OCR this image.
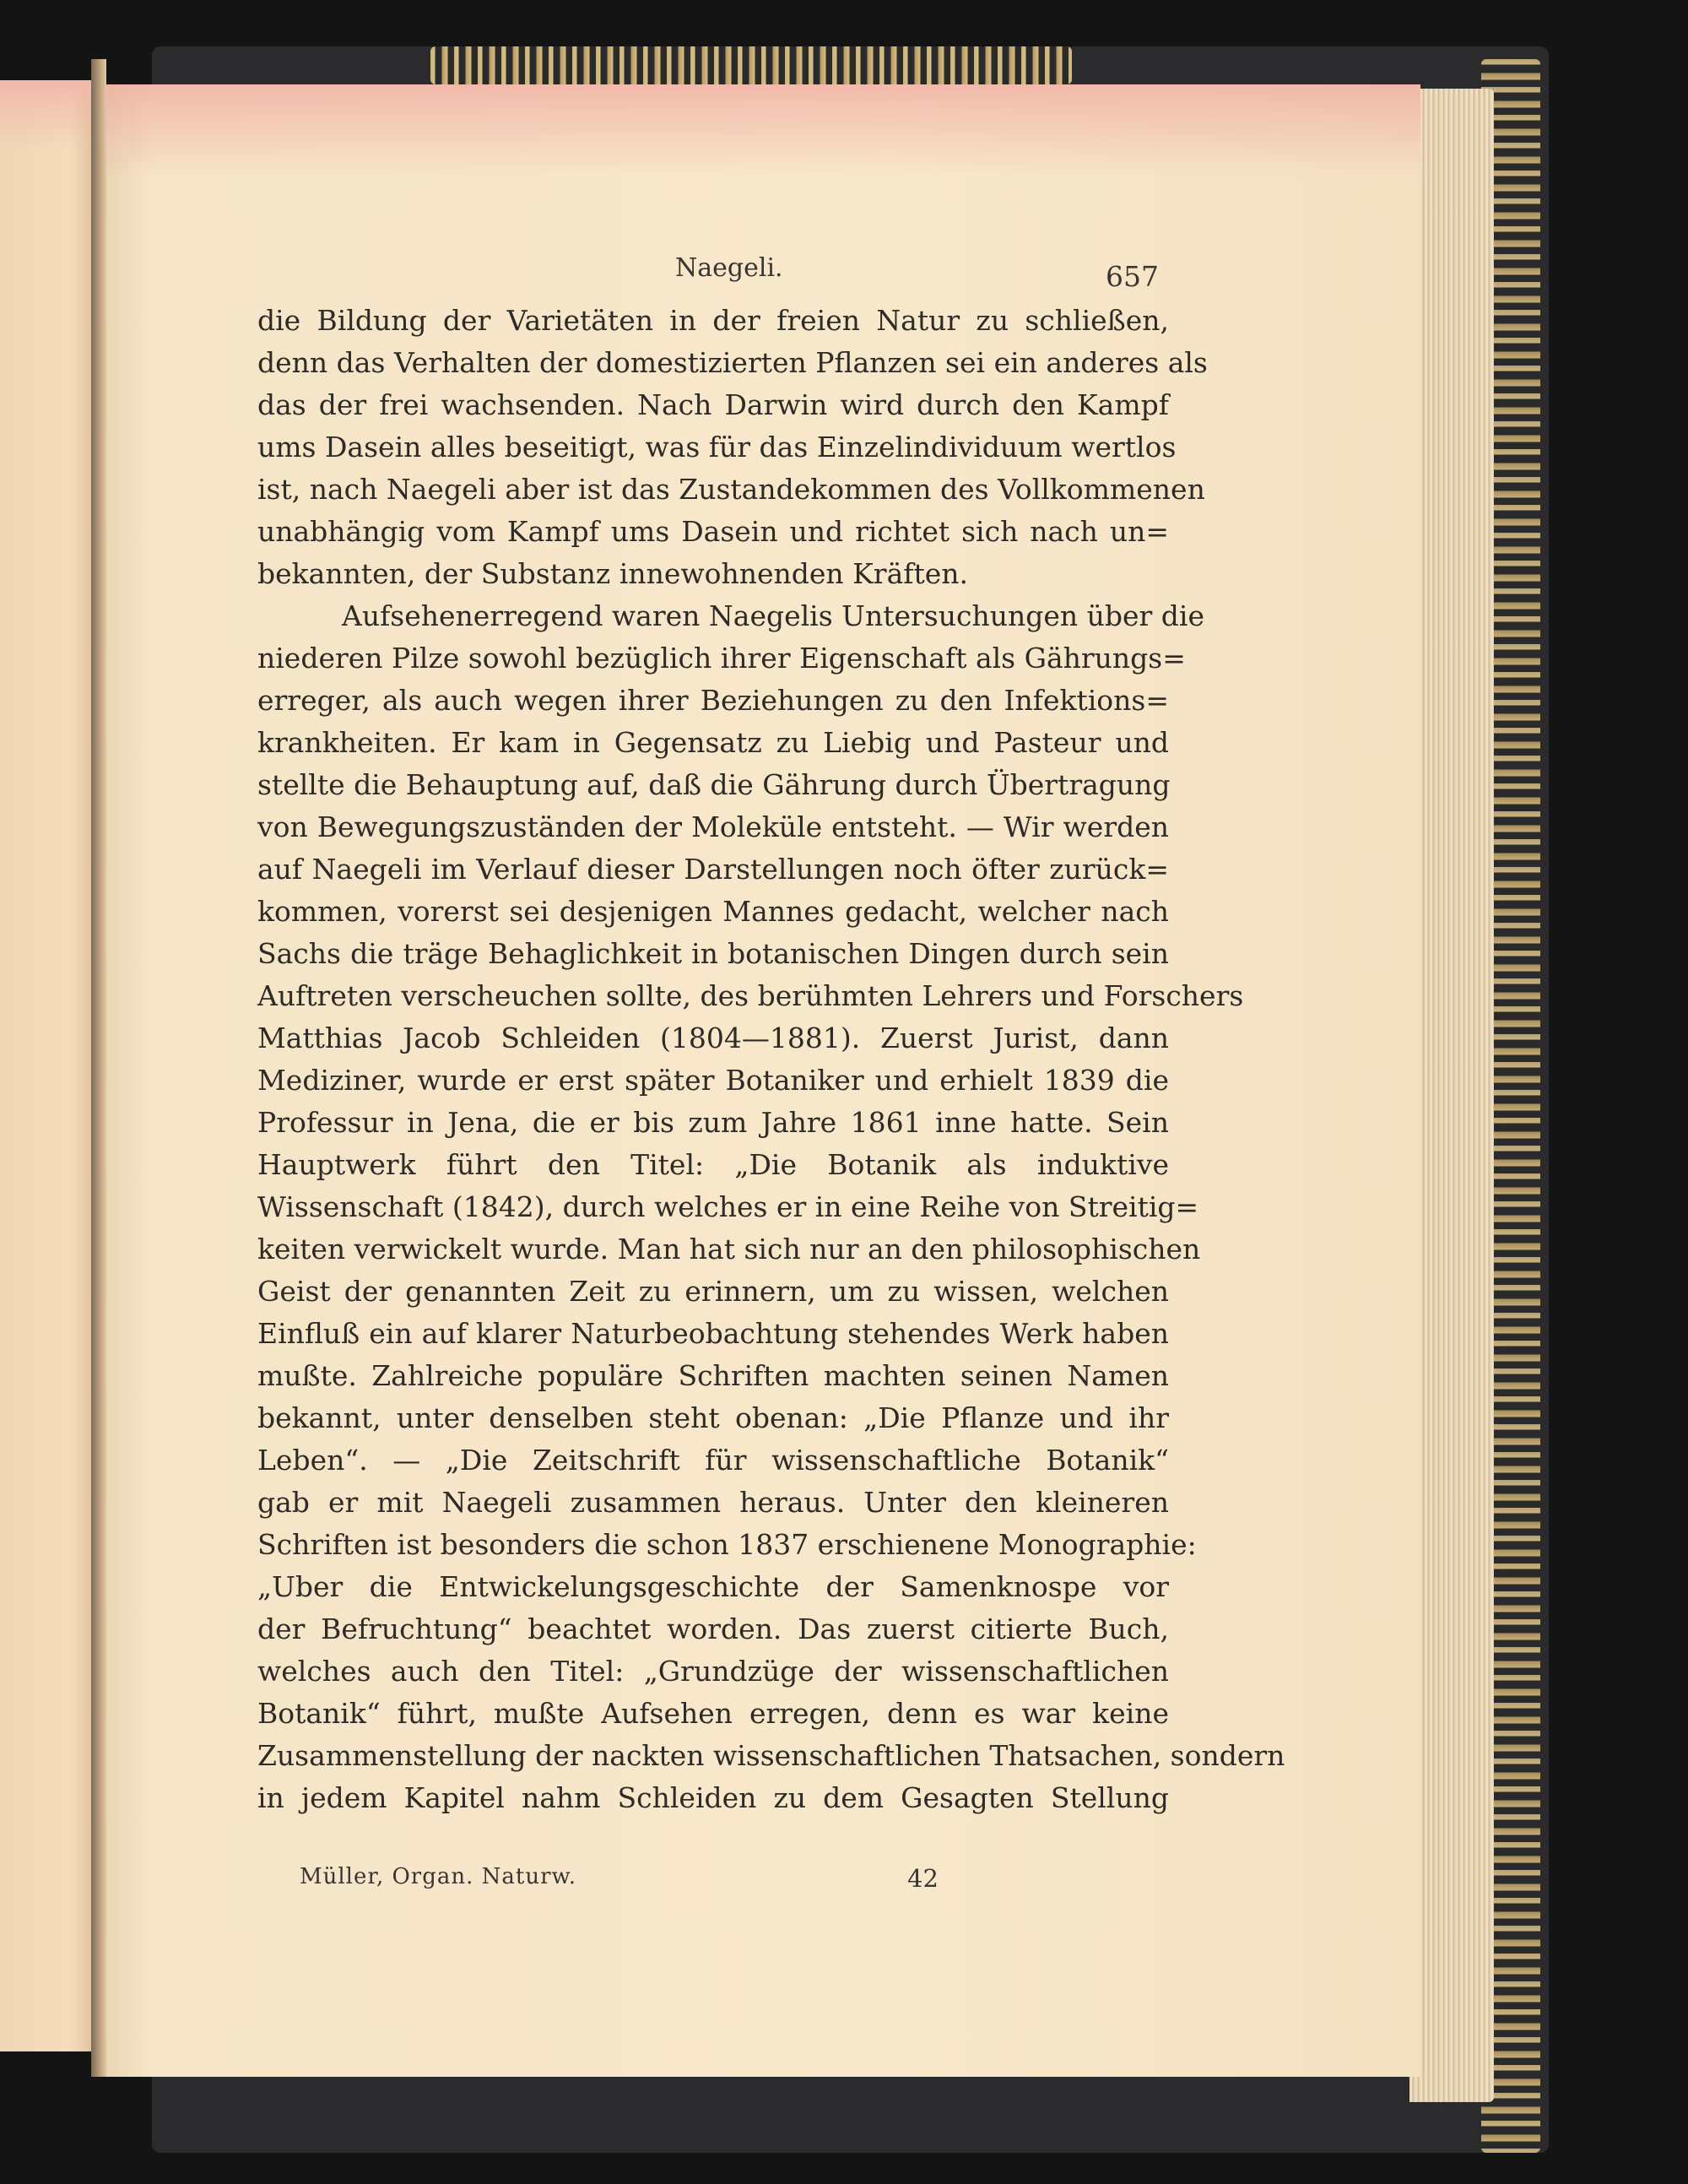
Naegeli.	657
die Bildung der Varietäten in der freien Natur zu schließen,
denn das Verhalten der domestizierten Pflanzen sei ein anderes als
das der frei wachsenden. Nach Darwin wird durch den Kampf
ums Dasein alles beseitigt, was für das Einzelindividuum wertlos
ist, nach Naegeli aber ist das Zustandekommen des Vollkommenen
unabhängig vom Kampf ums Dasein und richtet sich nach un=
bekannten, der Substanz innewohnenden Kräften.
Aufsehenerregend waren Naegelis Untersuchungen über die
niederen Pilze sowohl bezüglich ihrer Eigenschaft als Gährungs=
erreger, als auch wegen ihrer Beziehungen zu den Infektions=
krankheiten. Er kam in Gegensatz zu Liebig und Pasteur und
stellte die Behauptung auf, daß die Gährung durch Übertragung
von Bewegungszuständen der Moleküle entsteht. — Wir werden
auf Naegeli im Verlauf dieser Darstellungen noch öfter zurück=
kommen, vorerst sei desjenigen Mannes gedacht, welcher nach
Sachs die träge Behaglichkeit in botanischen Dingen durch sein
Auftreten verscheuchen sollte, des berühmten Lehrers und Forschers
Matthias Jacob Schleiden (1804—1881). Zuerst Jurist, dann
Mediziner, wurde er erst später Botaniker und erhielt 1839 die
Professur in Jena, die er bis zum Jahre 1861 inne hatte. Sein
Hauptwerk führt den Titel: „Die Botanik als induktive
Wissenschaft (1842), durch welches er in eine Reihe von Streitig=
keiten verwickelt wurde. Man hat sich nur an den philosophischen
Geist der genannten Zeit zu erinnern, um zu wissen, welchen
Einfluß ein auf klarer Naturbeobachtung stehendes Werk haben
mußte. Zahlreiche populäre Schriften machten seinen Namen
bekannt, unter denselben steht obenan: „Die Pflanze und ihr
Leben“. — „Die Zeitschrift für wissenschaftliche Botanik“
gab er mit Naegeli zusammen heraus. Unter den kleineren
Schriften ist besonders die schon 1837 erschienene Monographie:
„Uber die Entwickelungsgeschichte der Samenknospe vor
der Befruchtung“ beachtet worden. Das zuerst citierte Buch,
welches auch den Titel: „Grundzüge der wissenschaftlichen
Botanik“ führt, mußte Aufsehen erregen, denn es war keine
Zusammenstellung der nackten wissenschaftlichen Thatsachen, sondern
in jedem Kapitel nahm Schleiden zu dem Gesagten Stellung
Müller, Organ. Naturw.	42
